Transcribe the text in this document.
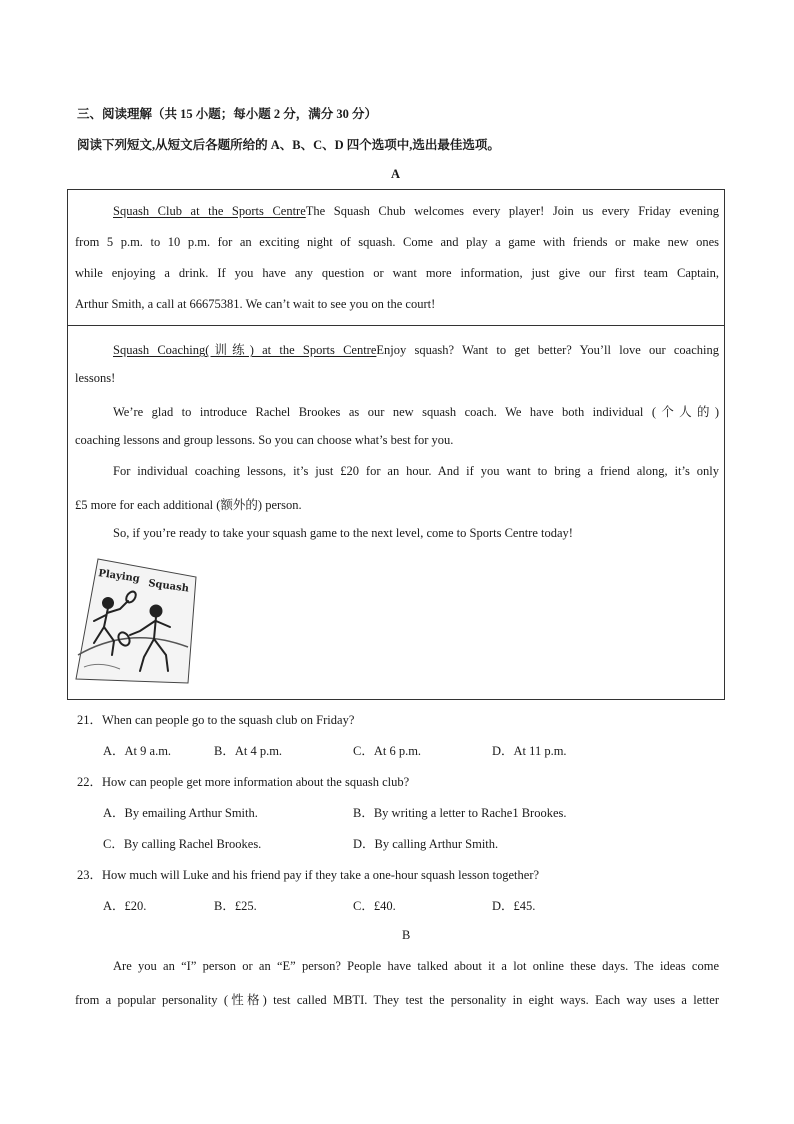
三、阅读理解（共 15 小题；每小题 2 分，满分 30 分）
阅读下列短文,从短文后各题所给的 A、B、C、D 四个选项中,选出最佳选项。
A
Squash Club at the Sports CentreThe Squash Chub welcomes every player! Join us every Friday evening
from 5 p.m. to 10 p.m. for an exciting night of squash. Come and play a game with friends or make new ones
while enjoying a drink. If you have any question or want more information, just give our first team Captain,
Arthur Smith, a call at 66675381. We can’t wait to see you on the court!
Squash Coaching(训练) at the Sports CentreEnjoy squash? Want to get better? You’ll love our coaching
lessons!
We’re glad to introduce Rachel Brookes as our new squash coach. We have both individual (个人的)
coaching lessons and group lessons. So you can choose what’s best for you.
For individual coaching lessons, it’s just £20 for an hour. And if you want to bring a friend along, it’s only
£5 more for each additional (额外的) person.
So, if you’re ready to take your squash game to the next level, come to Sports Centre today!
Playing
Squash
21．When can people go to the squash club on Friday?
A．At 9 a.m.	B．At 4 p.m.	C．At 6 p.m.	D．At 11 p.m.
22．How can people get more information about the squash club?
A．By emailing Arthur Smith.	B．By writing a letter to Rache1 Brookes.
C．By calling Rachel Brookes.	D．By calling Arthur Smith.
23．How much will Luke and his friend pay if they take a one-hour squash lesson together?
A．£20.	B．£25.	C．£40.	D．£45.
B
Are you an “I” person or an “E” person? People have talked about it a lot online these days. The ideas come
from a popular personality (性格) test called MBTI. They test the personality in eight ways. Each way uses a letter
